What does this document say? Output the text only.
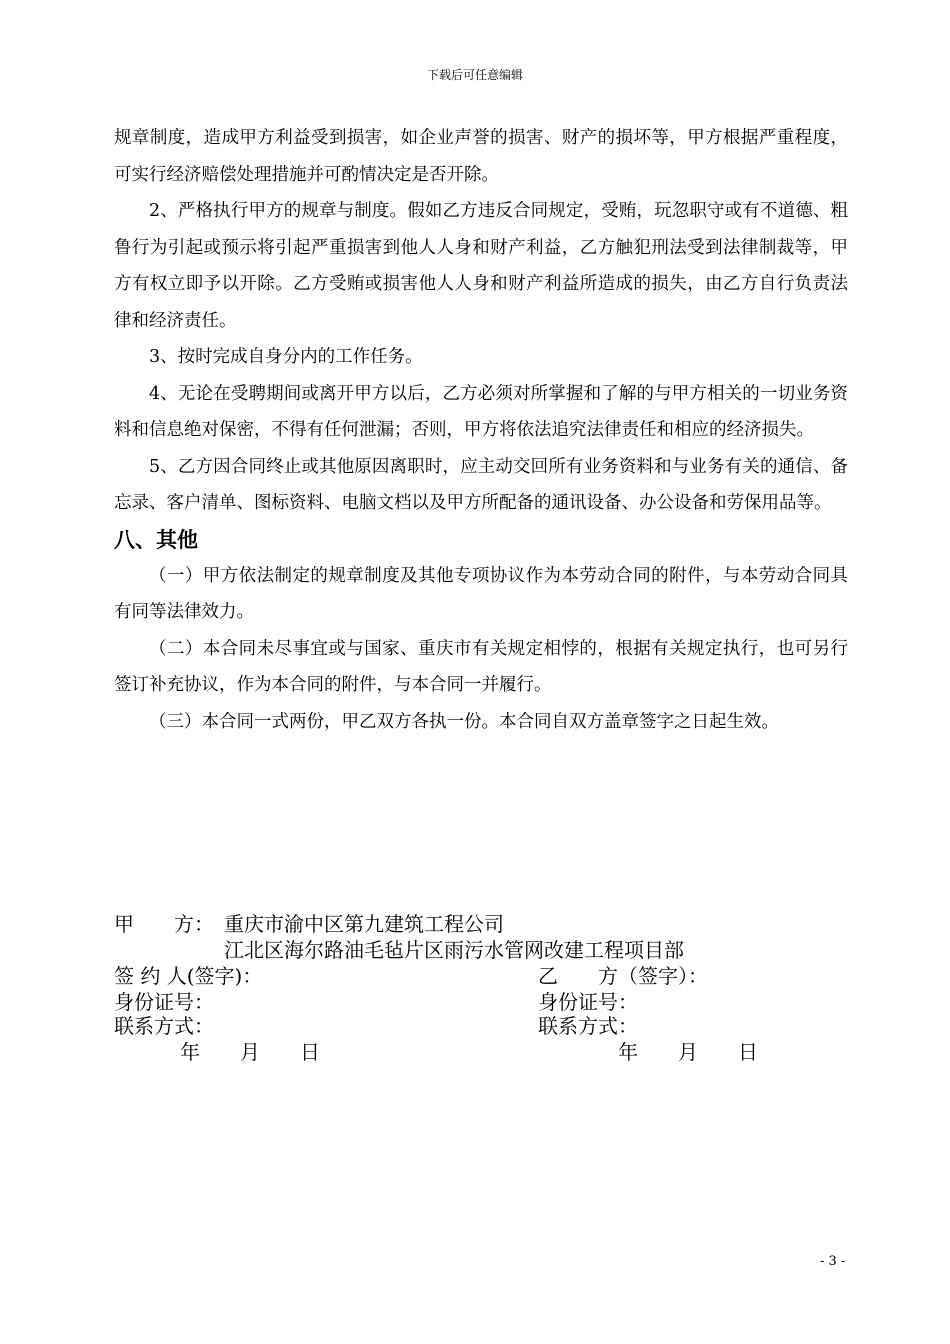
下载后可任意编辑

规章制度，造成甲方利益受到损害，如企业声誉的损害、财产的损坏等，甲方根据严重程度，可实行经济赔偿处理措施并可酌情决定是否开除。

2、严格执行甲方的规章与制度。假如乙方违反合同规定，受贿，玩忽职守或有不道德、粗鲁行为引起或预示将引起严重损害到他人人身和财产利益，乙方触犯刑法受到法律制裁等，甲方有权立即予以开除。乙方受贿或损害他人人身和财产利益所造成的损失，由乙方自行负责法律和经济责任。

3、按时完成自身分内的工作任务。

4、无论在受聘期间或离开甲方以后，乙方必须对所掌握和了解的与甲方相关的一切业务资料和信息绝对保密，不得有任何泄漏；否则，甲方将依法追究法律责任和相应的经济损失。

5、乙方因合同终止或其他原因离职时，应主动交回所有业务资料和与业务有关的通信、备忘录、客户清单、图标资料、电脑文档以及甲方所配备的通讯设备、办公设备和劳保用品等。

八、其他

（一）甲方依法制定的规章制度及其他专项协议作为本劳动合同的附件，与本劳动合同具有同等法律效力。

（二）本合同未尽事宜或与国家、重庆市有关规定相悖的，根据有关规定执行，也可另行签订补充协议，作为本合同的附件，与本合同一并履行。

（三）本合同一式两份，甲乙双方各执一份。本合同自双方盖章签字之日起生效。

甲　　方： 重庆市渝中区第九建筑工程公司
江北区海尔路油毛毡片区雨污水管网改建工程项目部
签 约 人(签字)：	乙　　方（签字）：
身份证号：	身份证号：
联系方式：	联系方式：
年　　月　　日	年　　月　　日
- 3 -
